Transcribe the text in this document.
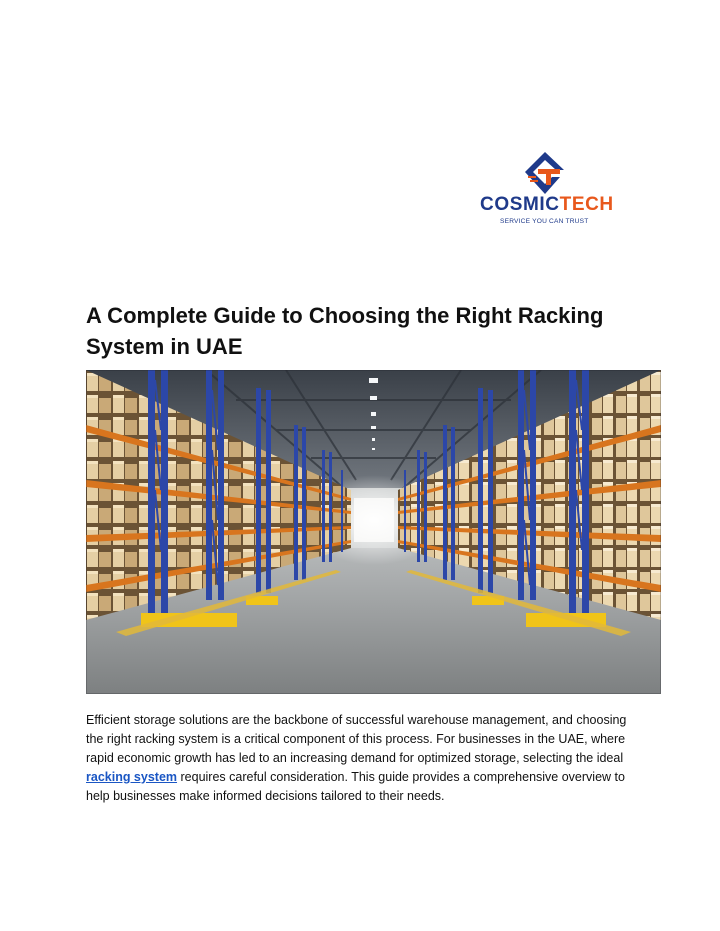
COSMICTECH
SERVICE YOU CAN TRUST
A Complete Guide to Choosing the Right Racking System in UAE

Efficient storage solutions are the backbone of successful warehouse management, and choosing the right racking system is a critical component of this process. For businesses in the UAE, where rapid economic growth has led to an increasing demand for optimized storage, selecting the ideal racking system requires careful consideration. This guide provides a comprehensive overview to help businesses make informed decisions tailored to their needs.
